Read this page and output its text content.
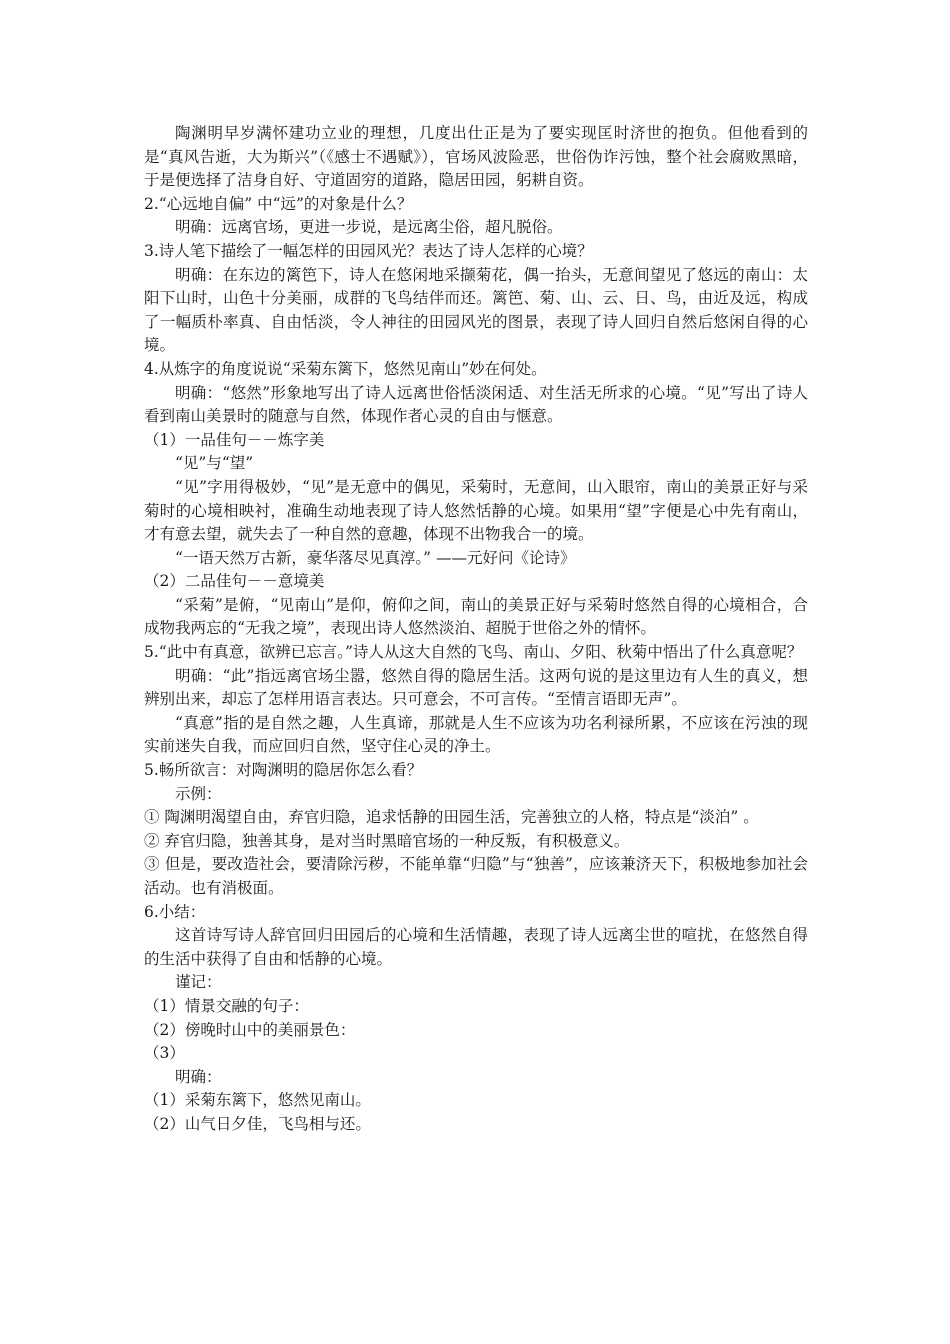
陶渊明早岁满怀建功立业的理想，几度出仕正是为了要实现匡时济世的抱负。但他看到的是“真风告逝，大为斯兴”（《感士不遇赋》），官场风波险恶，世俗伪诈污蚀，整个社会腐败黑暗，于是便选择了洁身自好、守道固穷的道路，隐居田园，躬耕自资。

2.“心远地自偏” 中“远”的对象是什么？

明确：远离官场，更进一步说，是远离尘俗，超凡脱俗。

3.诗人笔下描绘了一幅怎样的田园风光？表达了诗人怎样的心境？

明确：在东边的篱笆下，诗人在悠闲地采撷菊花，偶一抬头，无意间望见了悠远的南山：太阳下山时，山色十分美丽，成群的飞鸟结伴而还。篱笆、菊、山、云、日、鸟，由近及远，构成了一幅质朴率真、自由恬淡，令人神往的田园风光的图景，表现了诗人回归自然后悠闲自得的心境。

4.从炼字的角度说说“采菊东篱下，悠然见南山”妙在何处。

明确：“悠然”形象地写出了诗人远离世俗恬淡闲适、对生活无所求的心境。“见”写出了诗人看到南山美景时的随意与自然，体现作者心灵的自由与惬意。

（1）一品佳句－－炼字美

“见”与“望”

“见”字用得极妙，“见”是无意中的偶见，采菊时，无意间，山入眼帘，南山的美景正好与采菊时的心境相映衬，准确生动地表现了诗人悠然恬静的心境。如果用“望”字便是心中先有南山，才有意去望，就失去了一种自然的意趣，体现不出物我合一的境。

“一语天然万古新，豪华落尽见真淳。” ——元好问《论诗》

（2）二品佳句－－意境美

“采菊”是俯，“见南山”是仰，俯仰之间，南山的美景正好与采菊时悠然自得的心境相合，合成物我两忘的“无我之境”，表现出诗人悠然淡泊、超脱于世俗之外的情怀。

5.“此中有真意，欲辨已忘言。”诗人从这大自然的飞鸟、南山、夕阳、秋菊中悟出了什么真意呢？

明确：“此”指远离官场尘嚣，悠然自得的隐居生活。这两句说的是这里边有人生的真义，想辨别出来，却忘了怎样用语言表达。只可意会，不可言传。“至情言语即无声”。

“真意”指的是自然之趣，人生真谛，那就是人生不应该为功名利禄所累，不应该在污浊的现实前迷失自我，而应回归自然，坚守住心灵的净土。

5.畅所欲言：对陶渊明的隐居你怎么看？

示例：

① 陶渊明渴望自由，弃官归隐，追求恬静的田园生活，完善独立的人格，特点是“淡泊” 。

② 弃官归隐，独善其身，是对当时黑暗官场的一种反叛，有积极意义。

③ 但是，要改造社会，要清除污秽，不能单靠“归隐”与“独善”，应该兼济天下，积极地参加社会活动。也有消极面。

6.小结：

这首诗写诗人辞官回归田园后的心境和生活情趣，表现了诗人远离尘世的喧扰，在悠然自得的生活中获得了自由和恬静的心境。

谨记：

（1）情景交融的句子：

（2）傍晚时山中的美丽景色：

（3）

明确：

（1）采菊东篱下，悠然见南山。

（2）山气日夕佳，飞鸟相与还。
